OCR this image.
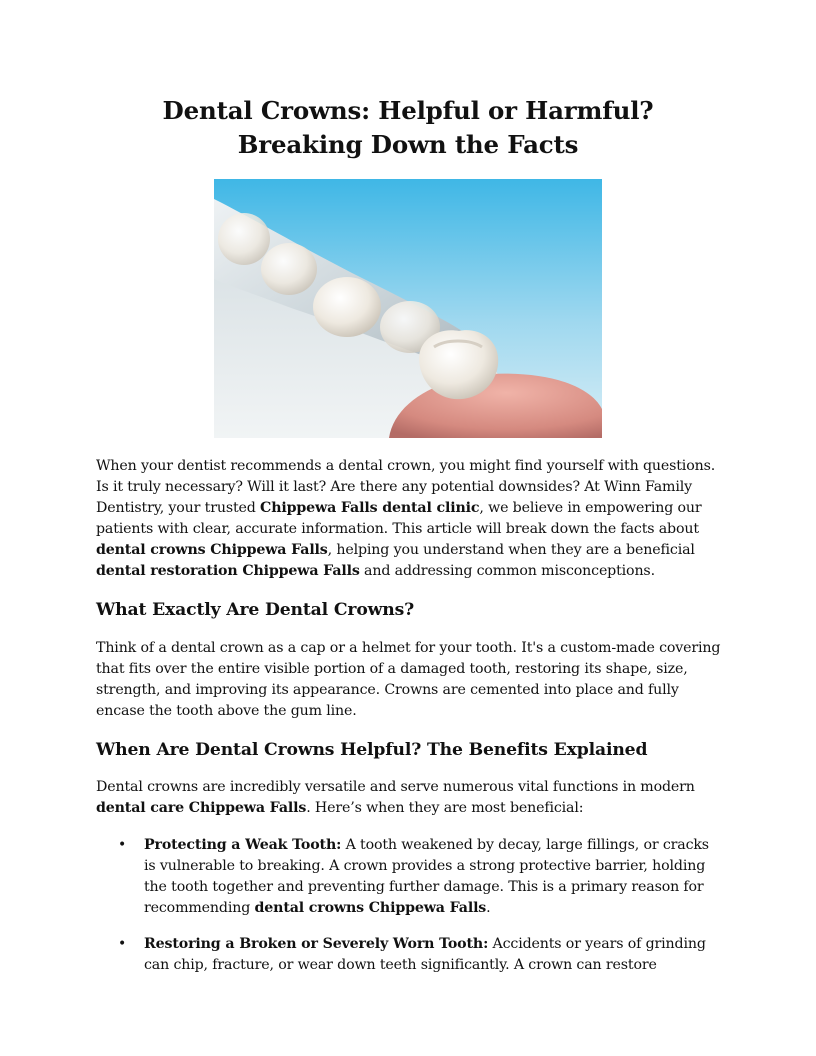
Dental Crowns: Helpful or Harmful?
Breaking Down the Facts

When your dentist recommends a dental crown, you might find yourself with questions. Is it truly necessary? Will it last? Are there any potential downsides? At Winn Family Dentistry, your trusted Chippewa Falls dental clinic, we believe in empowering our patients with clear, accurate information. This article will break down the facts about dental crowns Chippewa Falls, helping you understand when they are a beneficial dental restoration Chippewa Falls and addressing common misconceptions.

What Exactly Are Dental Crowns?

Think of a dental crown as a cap or a helmet for your tooth. It's a custom-made covering that fits over the entire visible portion of a damaged tooth, restoring its shape, size, strength, and improving its appearance. Crowns are cemented into place and fully encase the tooth above the gum line.

When Are Dental Crowns Helpful? The Benefits Explained

Dental crowns are incredibly versatile and serve numerous vital functions in modern dental care Chippewa Falls. Here’s when they are most beneficial:

• Protecting a Weak Tooth: A tooth weakened by decay, large fillings, or cracks is vulnerable to breaking. A crown provides a strong protective barrier, holding the tooth together and preventing further damage. This is a primary reason for recommending dental crowns Chippewa Falls.
• Restoring a Broken or Severely Worn Tooth: Accidents or years of grinding can chip, fracture, or wear down teeth significantly. A crown can restore
